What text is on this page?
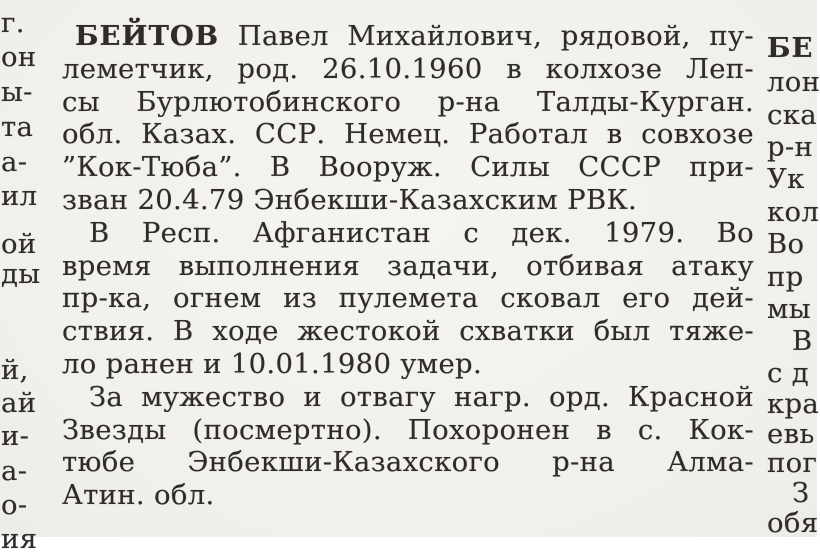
г.
он
ы-
та
а-
ил
ой
ды
й,
ай
и-
а-
о-
ия
БЕЙТОВ Павел Михайлович, рядовой, пу-
леметчик, род. 26.10.1960 в колхозе Леп-
сы Бурлютобинского р-на Талды-Курган.
обл. Казах. ССР. Немец. Работал в совхозе
”Кок-Тюба”. В Вооруж. Силы СССР при-
зван 20.4.79 Энбекши-Казахским РВК.
В Респ. Афганистан с дек. 1979. Во
время выполнения задачи, отбивая атаку
пр-ка, огнем из пулемета сковал его дей-
ствия. В ходе жестокой схватки был тяже-
ло ранен и 10.01.1980 умер.
За мужество и отвагу нагр. орд. Красной
Звезды (посмертно). Похоронен в с. Кок-
тюбе Энбекши-Казахского р-на Алма-
Атин. обл.
БЕ
лон
ска
р-н
Ук
кол
Во
пр
мы
В
с д
кра
евь
пог
З
обя
